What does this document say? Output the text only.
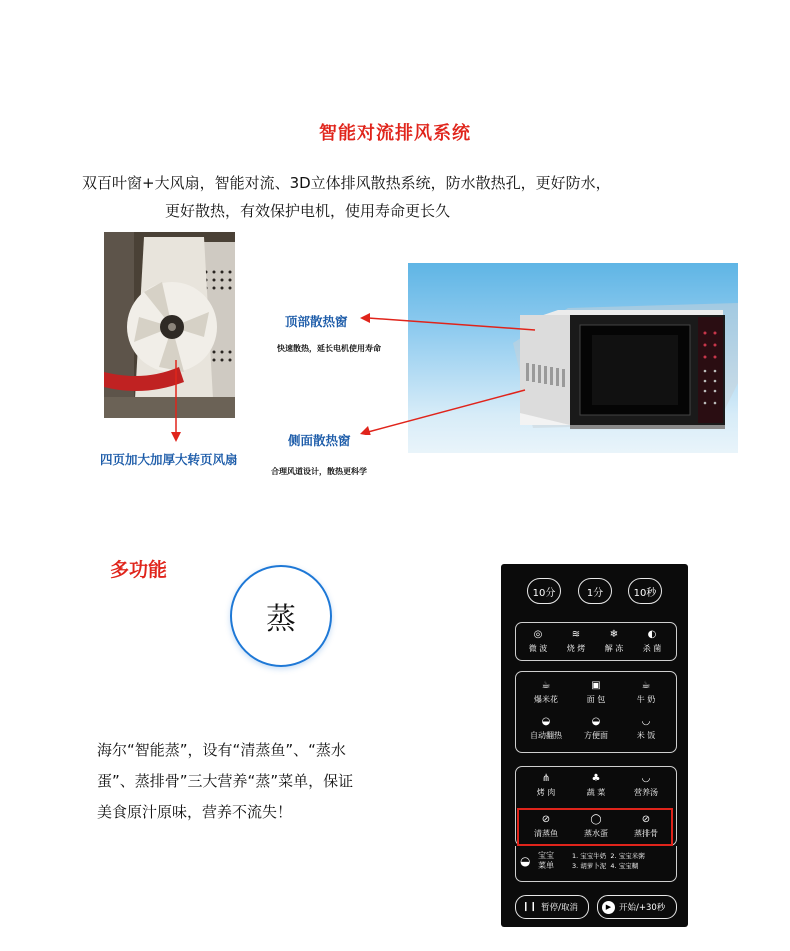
智能对流排风系统
双百叶窗+大风扇，智能对流、3D立体排风散热系统，防水散热孔，更好防水，
更好散热，有效保护电机，使用寿命更长久
四页加大加厚大转页风扇
顶部散热窗
快速散热，延长电机使用寿命
侧面散热窗
合理风道设计，散热更科学
多功能
蒸
海尔“智能蒸”，设有“清蒸鱼”、“蒸水
蛋”、蒸排骨”三大营养“蒸”菜单，保证
美食原汁原味，营养不流失！
10分	1分	10秒
◎
微 波
≋
烧 烤
❄
解 冻
◐
杀 菌
☕
爆米花
▣
面 包
☕
牛 奶
◒
自动翻热
◒
方便面
◡
米 饭
⋔
烤 肉
♣
蔬 菜
◡
营养汤
⊘
清蒸鱼
◯
蒸水蛋
⊘
蒸排骨
◒ 宝宝
菜单
1. 宝宝牛奶 2. 宝宝米粥
3. 胡萝卜泥 4. 宝宝糊
❙❙ 暂停/取消	▶ 开始/+30秒
